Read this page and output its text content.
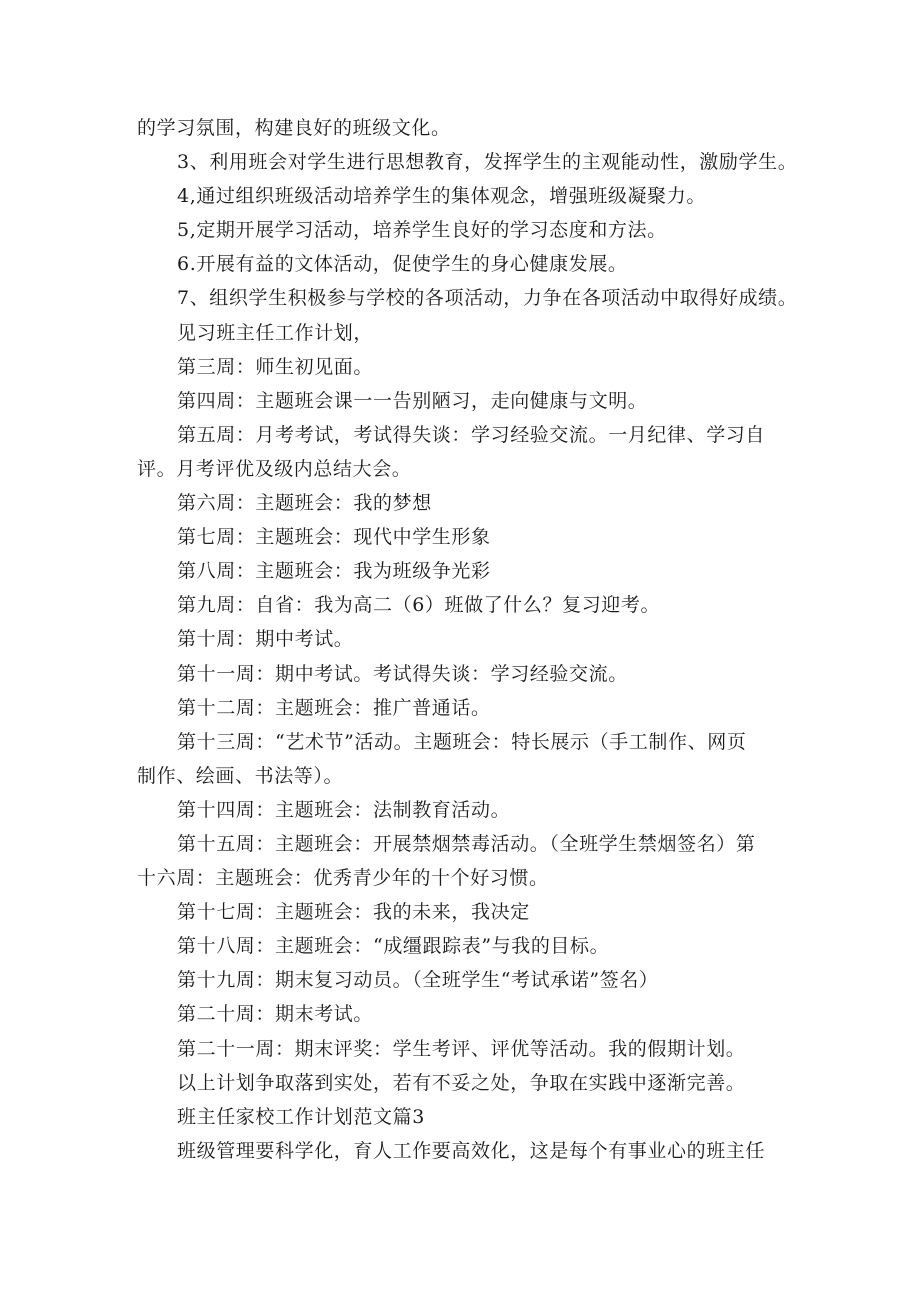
的学习氛围，构建良好的班级文化。
3、利用班会对学生进行思想教育，发挥学生的主观能动性，激励学生。
4,通过组织班级活动培养学生的集体观念，增强班级凝聚力。
5,定期开展学习活动，培养学生良好的学习态度和方法。
6.开展有益的文体活动，促使学生的身心健康发展。
7、组织学生积极参与学校的各项活动，力争在各项活动中取得好成绩。
见习班主任工作计划，
第三周：师生初见面。
第四周：主题班会课一一告别陋习，走向健康与文明。
第五周：月考考试，考试得失谈：学习经验交流。一月纪律、学习自
评。月考评优及级内总结大会。
第六周：主题班会：我的梦想
第七周：主题班会：现代中学生形象
第八周：主题班会：我为班级争光彩
第九周：自省：我为高二（6）班做了什么？复习迎考。
第十周：期中考试。
第十一周：期中考试。考试得失谈：学习经验交流。
第十二周：主题班会：推广普通话。
第十三周：“艺术节”活动。主题班会：特长展示（手工制作、网页
制作、绘画、书法等）。
第十四周：主题班会：法制教育活动。
第十五周：主题班会：开展禁烟禁毒活动。（全班学生禁烟签名）第
十六周：主题班会：优秀青少年的十个好习惯。
第十七周：主题班会：我的未来，我决定
第十八周：主题班会：“成缰跟踪表”与我的目标。
第十九周：期末复习动员。（全班学生“考试承诺”签名）
第二十周：期末考试。
第二十一周：期末评奖：学生考评、评优等活动。我的假期计划。
以上计划争取落到实处，若有不妥之处，争取在实践中逐渐完善。
班主任家校工作计划范文篇3
班级管理要科学化，育人工作要高效化，这是每个有事业心的班主任
